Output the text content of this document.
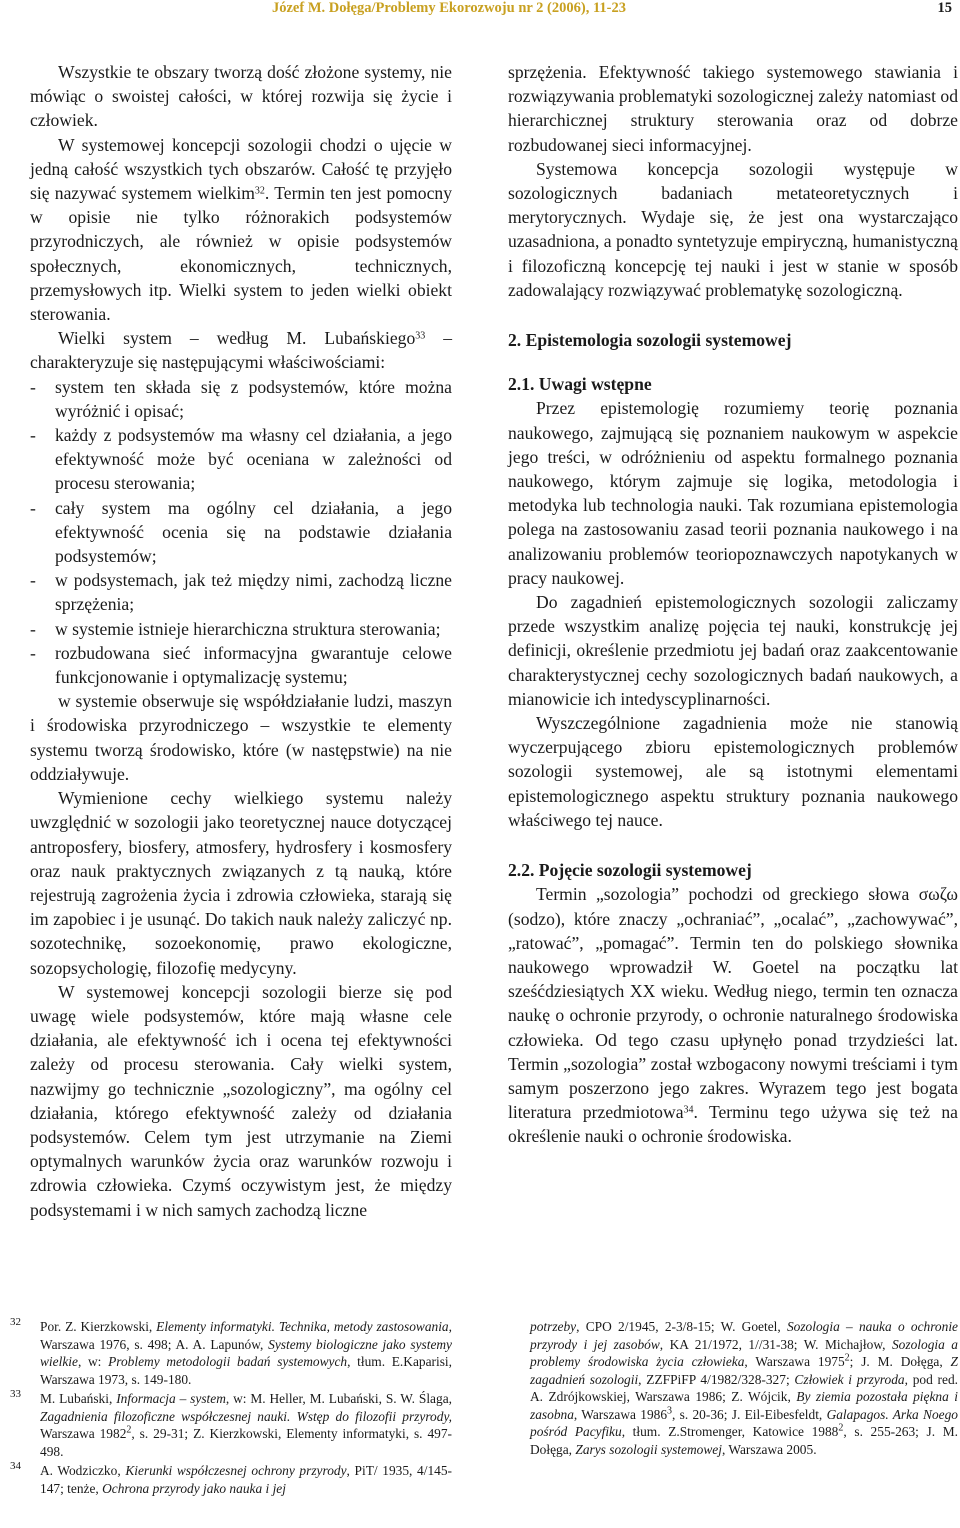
Józef M. Dołęga/Problemy Ekorozwoju nr 2 (2006), 11-23	15

Wszystkie te obszary tworzą dość złożone systemy, nie mówiąc o swoistej całości, w której rozwija się życie i człowiek.

W systemowej koncepcji sozologii chodzi o ujęcie w jedną całość wszystkich tych obszarów. Całość tę przyjęło się nazywać systemem wielkim$^{32}$. Termin ten jest pomocny w opisie nie tylko różnorakich podsystemów przyrodniczych, ale również w opisie podsystemów społecznych, ekonomicznych, technicznych, przemysłowych itp. Wielki system to jeden wielki obiekt sterowania.

Wielki system – według M. Lubańskiego$^{33}$ – charakteryzuje się następującymi właściwościami:

- system ten składa się z podsystemów, które można wyróżnić i opisać;

- każdy z podsystemów ma własny cel działania, a jego efektywność może być oceniana w zależności od procesu sterowania;

- cały system ma ogólny cel działania, a jego efektywność ocenia się na podstawie działania podsystemów;

- w podsystemach, jak też między nimi, zachodzą liczne sprzężenia;

- w systemie istnieje hierarchiczna struktura sterowania;

- rozbudowana sieć informacyjna gwarantuje celowe funkcjonowanie i optymalizację systemu;

w systemie obserwuje się współdziałanie ludzi, maszyn i środowiska przyrodniczego – wszystkie te elementy systemu tworzą środowisko, które (w następstwie) na nie oddziaływuje.

Wymienione cechy wielkiego systemu należy uwzględnić w sozologii jako teoretycznej nauce dotyczącej antroposfery, biosfery, atmosfery, hydrosfery i kosmosfery oraz nauk praktycznych związanych z tą nauką, które rejestrują zagrożenia życia i zdrowia człowieka, starają się im zapobiec i je usunąć. Do takich nauk należy zaliczyć np. sozotechnikę, sozoekonomię, prawo ekologiczne, sozopsychologię, filozofię medycyny.

W systemowej koncepcji sozologii bierze się pod uwagę wiele podsystemów, które mają własne cele działania, ale efektywność ich i ocena tej efektywności zależy od procesu sterowania. Cały wielki system, nazwijmy go technicznie „sozologiczny”, ma ogólny cel działania, którego efektywność zależy od działania podsystemów. Celem tym jest utrzymanie na Ziemi optymalnych warunków życia oraz warunków rozwoju i zdrowia człowieka. Czymś oczywistym jest, że między podsystemami i w nich samych zachodzą liczne

sprzężenia. Efektywność takiego systemowego stawiania i rozwiązywania problematyki sozologicznej zależy natomiast od hierarchicznej struktury sterowania oraz od dobrze rozbudowanej sieci informacyjnej.

Systemowa koncepcja sozologii występuje w sozologicznych badaniach metateoretycznych i merytorycznych. Wydaje się, że jest ona wystarczająco uzasadniona, a ponadto syntetyzuje empiryczną, humanistyczną i filozoficzną koncepcję tej nauki i jest w stanie w sposób zadowalający rozwiązywać problematykę sozologiczną.

2. Epistemologia sozologii systemowej

2.1. Uwagi wstępne

Przez epistemologię rozumiemy teorię poznania naukowego, zajmującą się poznaniem naukowym w aspekcie jego treści, w odróżnieniu od aspektu formalnego poznania naukowego, którym zajmuje się logika, metodologia i metodyka lub technologia nauki. Tak rozumiana epistemologia polega na zastosowaniu zasad teorii poznania naukowego i na analizowaniu problemów teoriopoznawczych napotykanych w pracy naukowej.

Do zagadnień epistemologicznych sozologii zaliczamy przede wszystkim analizę pojęcia tej nauki, konstrukcję jej definicji, określenie przedmiotu jej badań oraz zaakcentowanie charakterystycznej cechy sozologicznych badań naukowych, a mianowicie ich intedyscyplinarności.

Wyszczególnione zagadnienia może nie stanowią wyczerpującego zbioru epistemologicznych problemów sozologii systemowej, ale są istotnymi elementami epistemologicznego aspektu struktury poznania naukowego właściwego tej nauce.

2.2. Pojęcie sozologii systemowej

Termin „sozologia” pochodzi od greckiego słowa σωζω (sodzo), które znaczy „ochraniać”, „ocalać”, „zachowywać”, „ratować”, „pomagać”. Termin ten do polskiego słownika naukowego wprowadził W. Goetel na początku lat sześćdziesiątych XX wieku. Według niego, termin ten oznacza naukę o ochronie przyrody, o ochronie naturalnego środowiska człowieka. Od tego czasu upłynęło ponad trzydzieści lat. Termin „sozologia” został wzbogacony nowymi treściami i tym samym poszerzono jego zakres. Wyrazem tego jest bogata literatura przedmiotowa$^{34}$. Terminu tego używa się też na określenie nauki o ochronie środowiska.

32 Por. Z. Kierzkowski, Elementy informatyki. Technika, metody zastosowania, Warszawa 1976, s. 498; A. A. Lapunów, Systemy biologiczne jako systemy wielkie, w: Problemy metodologii badań systemowych, tłum. E.Kaparisi, Warszawa 1973, s. 149-180.

33 M. Lubański, Informacja – system, w: M. Heller, M. Lubański, S. W. Ślaga, Zagadnienia filozoficzne współczesnej nauki. Wstęp do filozofii przyrody, Warszawa 1982$^2$, s. 29-31; Z. Kierzkowski, Elementy informatyki, s. 497-498.

34 A. Wodziczko, Kierunki współczesnej ochrony przyrody, PiT/ 1935, 4/145-147; tenże, Ochrona przyrody jako nauka i jej

potrzeby, CPO 2/1945, 2-3/8-15; W. Goetel, Sozologia – nauka o ochronie przyrody i jej zasobów, KA 21/1972, 1//31-38; W. Michajłow, Sozologia a problemy środowiska życia człowieka, Warszawa 1975$^2$; J. M. Dołęga, Z zagadnień sozologii, ZZFPiFP 4/1982/328-327; Człowiek i przyroda, pod red. A. Zdrójkowskiej, Warszawa 1986; Z. Wójcik, By ziemia pozostała piękna i zasobna, Warszawa 1986$^3$, s. 20-36; J. Eil-Eibesfeldt, Galapagos. Arka Noego pośród Pacyfiku, tłum. Z.Stromenger, Katowice 1988$^2$, s. 255-263; J. M. Dołęga, Zarys sozologii systemowej, Warszawa 2005.
